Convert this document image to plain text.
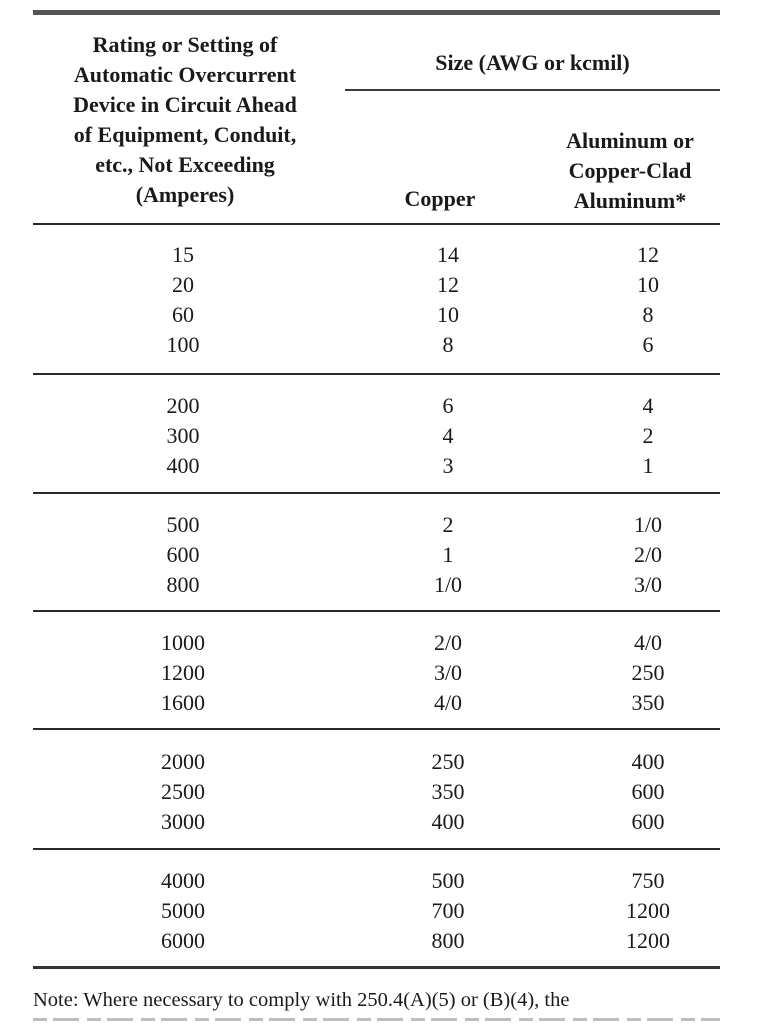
Rating or Setting of
Automatic Overcurrent
Device in Circuit Ahead
of Equipment, Conduit,
etc., Not Exceeding
(Amperes)
Size (AWG or kcmil)
Copper
Aluminum or
Copper-Clad
Aluminum*
15	14	12
20	12	10
60	10	8
100	8	6
200	6	4
300	4	2
400	3	1
500	2	1/0
600	1	2/0
800	1/0	3/0
1000	2/0	4/0
1200	3/0	250
1600	4/0	350
2000	250	400
2500	350	600
3000	400	600
4000	500	750
5000	700	1200
6000	800	1200
Note: Where necessary to comply with 250.4(A)(5) or (B)(4), the
